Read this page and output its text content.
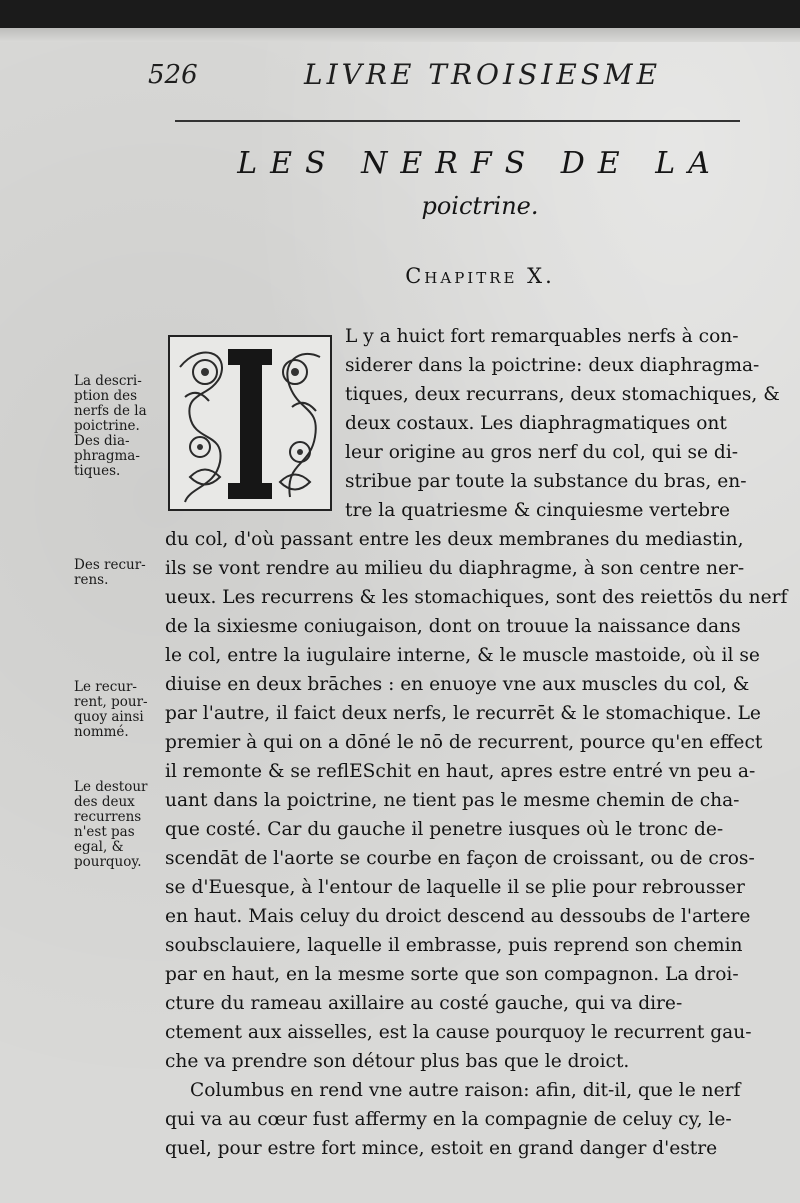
526	LIVRE TROISIESME
LES NERFS DE LA
poictrine.
Chapitre X.
L y a huict fort remarquables nerfs à con-
siderer dans la poictrine: deux diaphragma-
tiques, deux recurrans, deux stomachiques, &
deux costaux. Les diaphragmatiques ont
leur origine au gros nerf du col, qui se di-
stribue par toute la substance du bras, en-
tre la quatriesme & cinquiesme vertebre
du col, d'où passant entre les deux membranes du mediastin,
ils se vont rendre au milieu du diaphragme, à son centre ner-
ueux. Les recurrens & les stomachiques, sont des reiettōs du nerf
de la sixiesme coniugaison, dont on trouue la naissance dans
le col, entre la iugulaire interne, & le muscle mastoide, où il se
diuise en deux brāches : en enuoye vne aux muscles du col, &
par l'autre, il faict deux nerfs, le recurrēt & le stomachique. Le
premier à qui on a dōné le nō de recurrent, pource qu'en effect
il remonte & se reflESchit en haut, apres estre entré vn peu a-
uant dans la poictrine, ne tient pas le mesme chemin de cha-
que costé. Car du gauche il penetre iusques où le tronc de-
scendāt de l'aorte se courbe en façon de croissant, ou de cros-
se d'Euesque, à l'entour de laquelle il se plie pour rebrousser
en haut. Mais celuy du droict descend au dessoubs de l'artere
soubsclauiere, laquelle il embrasse, puis reprend son chemin
par en haut, en la mesme sorte que son compagnon. La droi-
cture du rameau axillaire au costé gauche, qui va dire-
ctement aux aisselles, est la cause pourquoy le recurrent gau-
che va prendre son détour plus bas que le droict.
Columbus en rend vne autre raison: afin, dit-il, que le nerf
qui va au cœur fust affermy en la compagnie de celuy cy, le-
quel, pour estre fort mince, estoit en grand danger d'estre
La descri-
ption des
nerfs de la
poictrine.
Des dia-
phragma-
tiques.
Des recur-
rens.
Le recur-
rent, pour-
quoy ainsi
nommé.
Le destour
des deux
recurrens
n'est pas
egal, &
pourquoy.
